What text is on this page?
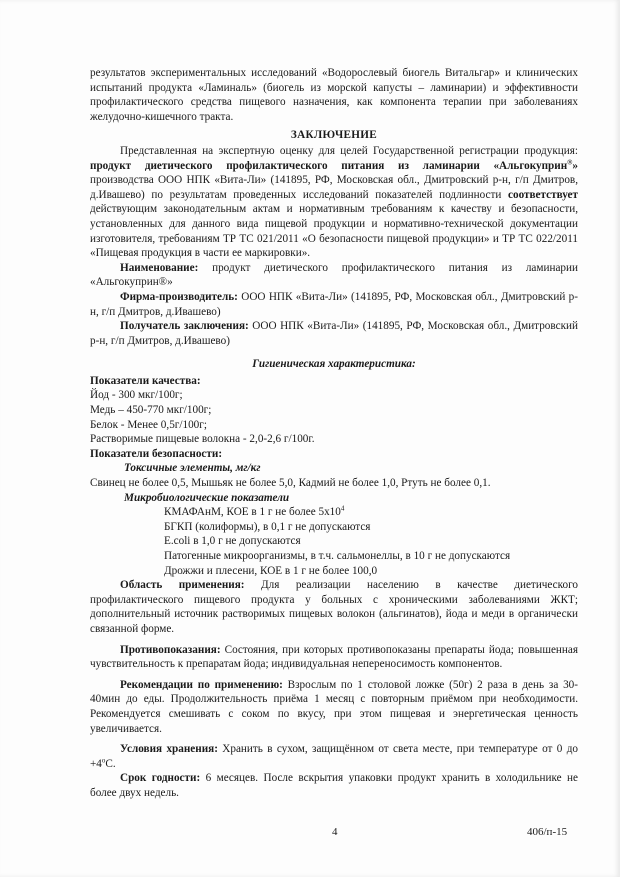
результатов экспериментальных исследований «Водорослевый биогель Витальгар» и клинических испытаний продукта «Ламиналь» (биогель из морской капусты – ламинарии) и эффективности профилактического средства пищевого назначения, как компонента терапии при заболеваниях желудочно-кишечного тракта.

ЗАКЛЮЧЕНИЕ

Представленная на экспертную оценку для целей Государственной регистрации продукция: продукт диетического профилактического питания из ламинарии «Альгокуприн®» производства ООО НПК «Вита-Ли» (141895, РФ, Московская обл., Дмитровский р-н, г/п Дмитров, д.Ивашево) по результатам проведенных исследований показателей подлинности соответствует действующим законодательным актам и нормативным требованиям к качеству и безопасности, установленных для данного вида пищевой продукции и нормативно-технической документации изготовителя, требованиям ТР ТС 021/2011 «О безопасности пищевой продукции» и ТР ТС 022/2011 «Пищевая продукция в части ее маркировки».

Наименование: продукт диетического профилактического питания из ламинарии «Альгокуприн®»

Фирма-производитель: ООО НПК «Вита-Ли» (141895, РФ, Московская обл., Дмитровский р-н, г/п Дмитров, д.Ивашево)

Получатель заключения: ООО НПК «Вита-Ли» (141895, РФ, Московская обл., Дмитровский р-н, г/п Дмитров, д.Ивашево)

Гигиеническая характеристика:

Показатели качества:

Йод - 300 мкг/100г;

Медь – 450-770 мкг/100г;

Белок - Менее 0,5г/100г;

Растворимые пищевые волокна - 2,0-2,6 г/100г.

Показатели безопасности:

Токсичные элементы, мг/кг

Свинец не более 0,5, Мышьяк не более 5,0, Кадмий не более 1,0, Ртуть не более 0,1.

Микробиологические показатели

КМАФАнМ, КОЕ в 1 г не более $5х10^4$

БГКП (колиформы), в 0,1 г не допускаются

E.coli в 1,0 г не допускаются

Патогенные микроорганизмы, в т.ч. сальмонеллы, в 10 г не допускаются

Дрожжи и плесени, КОЕ в 1 г не более 100,0

Область применения: Для реализации населению в качестве диетического профилактического пищевого продукта у больных с хроническими заболеваниями ЖКТ; дополнительный источник растворимых пищевых волокон (альгинатов), йода и меди в органически связанной форме.

Противопоказания: Состояния, при которых противопоказаны препараты йода; повышенная чувствительность к препаратам йода; индивидуальная непереносимость компонентов.

Рекомендации по применению: Взрослым по 1 столовой ложке (50г) 2 раза в день за 30-40мин до еды. Продолжительность приёма 1 месяц с повторным приёмом при необходимости. Рекомендуется смешивать с соком по вкусу, при этом пищевая и энергетическая ценность увеличивается.

Условия хранения: Хранить в сухом, защищённом от света месте, при температуре от 0 до $+4^оС$.

Срок годности: 6 месяцев. После вскрытия упаковки продукт хранить в холодильнике не более двух недель.

4	406/п-15
